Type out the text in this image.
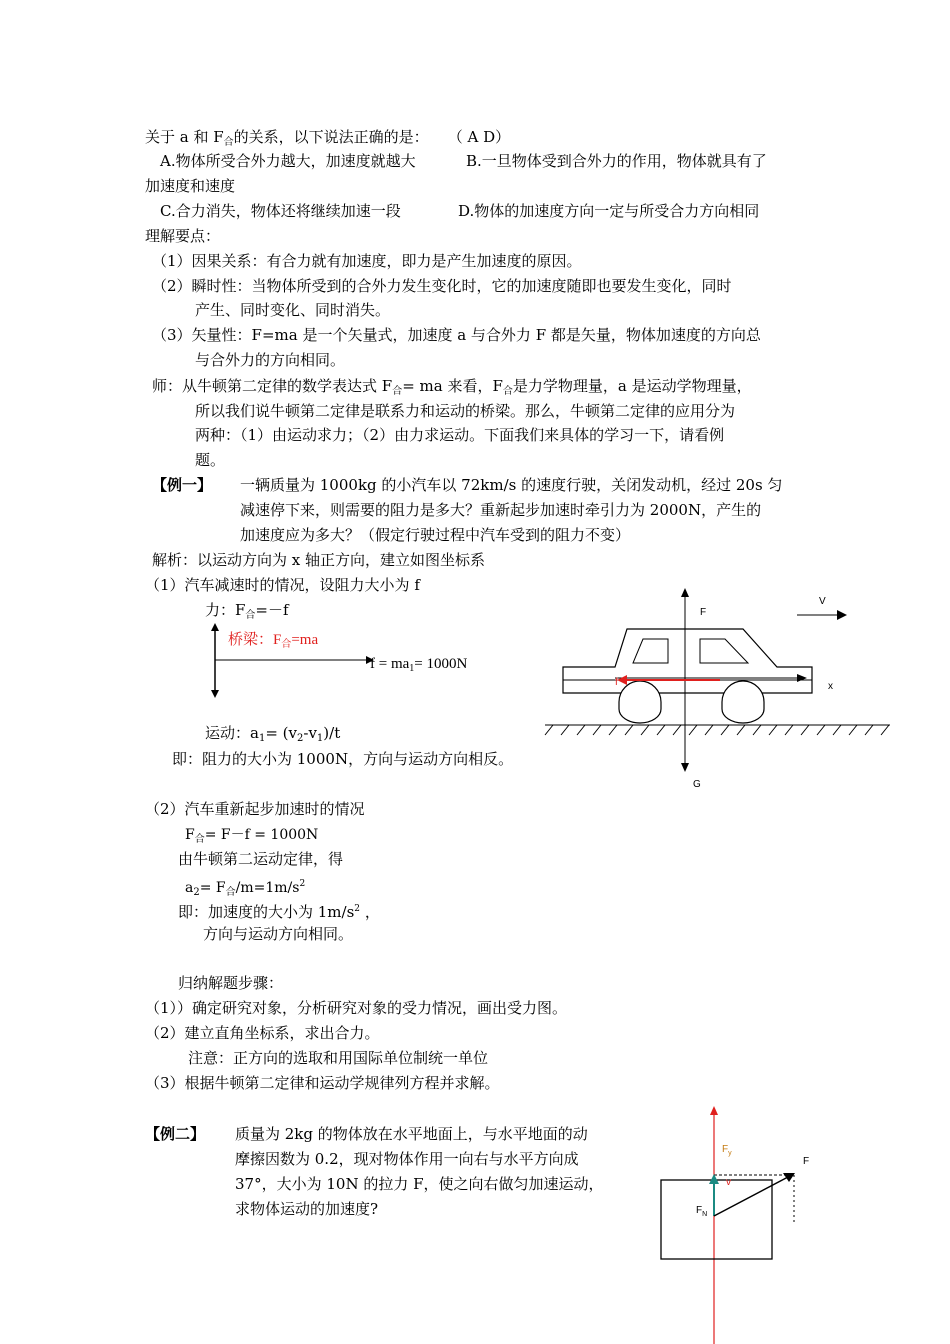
关于 a 和 $F_合$的关系，以下说法正确的是： （ A D）

A.物体所受合外力越大，加速度就越大	B.一旦物体受到合外力的作用，物体就具有了

加速度和速度

C.合力消失，物体还将继续加速一段	D.物体的加速度方向一定与所受合力方向相同

理解要点：

（1）因果关系：有合力就有加速度，即力是产生加速度的原因。

（2）瞬时性：当物体所受到的合外力发生变化时，它的加速度随即也要发生变化，同时

产生、同时变化、同时消失。

（3）矢量性：F=ma 是一个矢量式，加速度 a 与合外力 F 都是矢量，物体加速度的方向总

与合外力的方向相同。

师：从牛顿第二定律的数学表达式 $F_合=$ ma 来看，$F_合$是力学物理量，a 是运动学物理量，

所以我们说牛顿第二定律是联系力和运动的桥梁。那么，牛顿第二定律的应用分为

两种：（1）由运动求力；（2）由力求运动。下面我们来具体的学习一下，请看例

题。

【例一】 一辆质量为 1000kg 的小汽车以 72km/s 的速度行驶，关闭发动机，经过 20s 匀

减速停下来，则需要的阻力是多大？重新起步加速时牵引力为 2000N，产生的

加速度应为多大？（假定行驶过程中汽车受到的阻力不变）

解析：以运动方向为 x 轴正方向，建立如图坐标系

（1）汽车减速时的情况，设阻力大小为 f

力：$F_合=-f$

桥梁：$F_合=ma$

$f = ma_1= 1000N$

运动：$a_1= (v_2-v_1)/t$

即：阻力的大小为 1000N，方向与运动方向相反。

F
V
x
f
G

（2）汽车重新起步加速时的情况

$F_合= F-f = 1000N$

由牛顿第二运动定律，得

$a_2= F_合/m=1m/s^2$

即：加速度的大小为 $1m/s^2$ ，

方向与运动方向相同。

归纳解题步骤：

（1））确定研究对象，分析研究对象的受力情况，画出受力图。

（2）建立直角坐标系，求出合力。

注意：正方向的选取和用国际单位制统一单位

（3）根据牛顿第二定律和运动学规律列方程并求解。

【例二】 质量为 2kg 的物体放在水平地面上，与水平地面的动

摩擦因数为 0.2，现对物体作用一向右与水平方向成

37°，大小为 10N 的拉力 F，使之向右做匀加速运动，

求物体运动的加速度?

$F_y$
$F_N$
F
v
